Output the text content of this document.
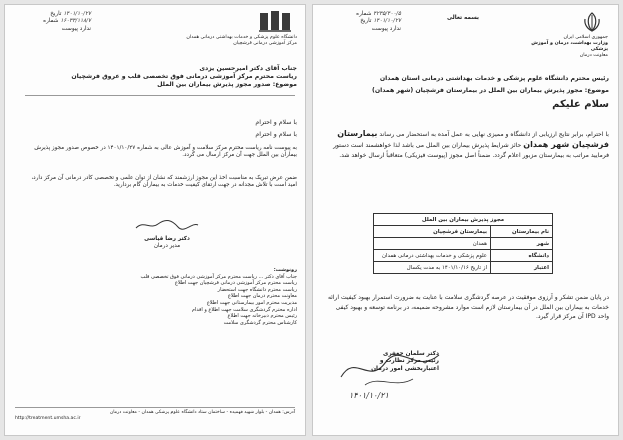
۱۴۰۱/۱۰/۲۷ تاریخ
۱۶۰۳۳/۱۱۸/۷ شماره
ندارد پیوست
دانشگاه علوم پزشکی و خدمات بهداشتی درمانی همدان
مرکز آموزشی درمانی فرشچیان
جناب آقای دکتر امیرحسین یزدی
ریاست محترم مرکز آموزشی درمانی فوق تخصصی قلب و عروق فرشچیان
موضوع: صدور مجوز پذیرش بیماران بین الملل
با سلام و احترام
با سلام و احترام
به پیوست نامه ریاست محترم مرکز سلامت و آموزش عالی به شماره ۱۴۰۱/۱۰/۲۷ در خصوص صدور مجوز پذیرش بیماران بین الملل جهت آن مرکز ارسال می گردد.
ضمن عرض تبریک به مناسبت اخذ این مجوز ارزشمند که نشان از توان علمی و تخصصی کادر درمانی آن مرکز دارد، امید است با تلاش مجدانه در جهت ارتقای کیفیت خدمات به بیماران گام بردارید.
دکتر رضا قیاسی
مدیر درمان
رونوشت:
جناب آقای دکتر ... ریاست محترم مرکز آموزشی درمانی فوق تخصصی قلب
ریاست محترم مرکز آموزشی درمانی فرشچیان جهت اطلاع
ریاست محترم دانشگاه جهت استحضار
معاونت محترم درمان جهت اطلاع
مدیریت محترم امور بیمارستانی جهت اطلاع
اداره محترم گردشگری سلامت جهت اطلاع و اقدام
رئیس محترم دبیرخانه جهت اطلاع
کارشناس محترم گردشگری سلامت
آدرس: همدان - بلوار شهید فهمیده - ساختمان ستاد دانشگاه علوم پزشکی همدان - معاونت درمان
http://treatment.umsha.ac.ir
۴۲۳۵/۴۰۰/۵ شماره
۱۴۰۱/۱۰/۲۷ تاریخ
ندارد پیوست
بسمه تعالی
جمهوری اسلامی ایران
وزارت بهداشت، درمان و آموزش پزشکی
معاونت درمان
رئیس محترم دانشگاه علوم پزشکی و خدمات بهداشتی درمانی استان همدان
موضوع: مجوز پذیرش بیماران بین الملل در بیمارستان فرشچیان (شهر همدان)
سلام علیکم
با احترام، برابر نتایج ارزیابی از دانشگاه و ممیزی نهایی به عمل آمده به استحضار می رساند بیمارستان فرشچیان شهر همدان حائز شرایط پذیرش بیماران بین الملل می باشد لذا خواهشمند است دستور فرمایید مراتب به بیمارستان مزبور اعلام گردد. ضمناً اصل مجوز (پیوست فیزیکی) متعاقباً ارسال خواهد شد.
مجوز پذیرش بیماران بین الملل	
نام بیمارستان	بیمارستان فرشچیان
شهر	همدان
دانشگاه	علوم پزشکی و خدمات بهداشتی درمانی همدان
اعتبار	از تاریخ ۱۴۰۱/۱۰/۱۶ به مدت یکسال
در پایان ضمن تشکر و آرزوی موفقیت در عرصه گردشگری سلامت با عنایت به ضرورت استمرار بهبود کیفیت ارائه خدمات به بیماران بین الملل در آن بیمارستان لازم است موارد مشروحه ضمیمه، در برنامه توسعه و بهبود کیفی واحد IPD آن مرکز قرار گیرد.
دکتر سلمان جعفری
رئیس مرکز نظارت و
اعتباربخشی امور درمان
۱۴۰۱/۱۰/۲۱
